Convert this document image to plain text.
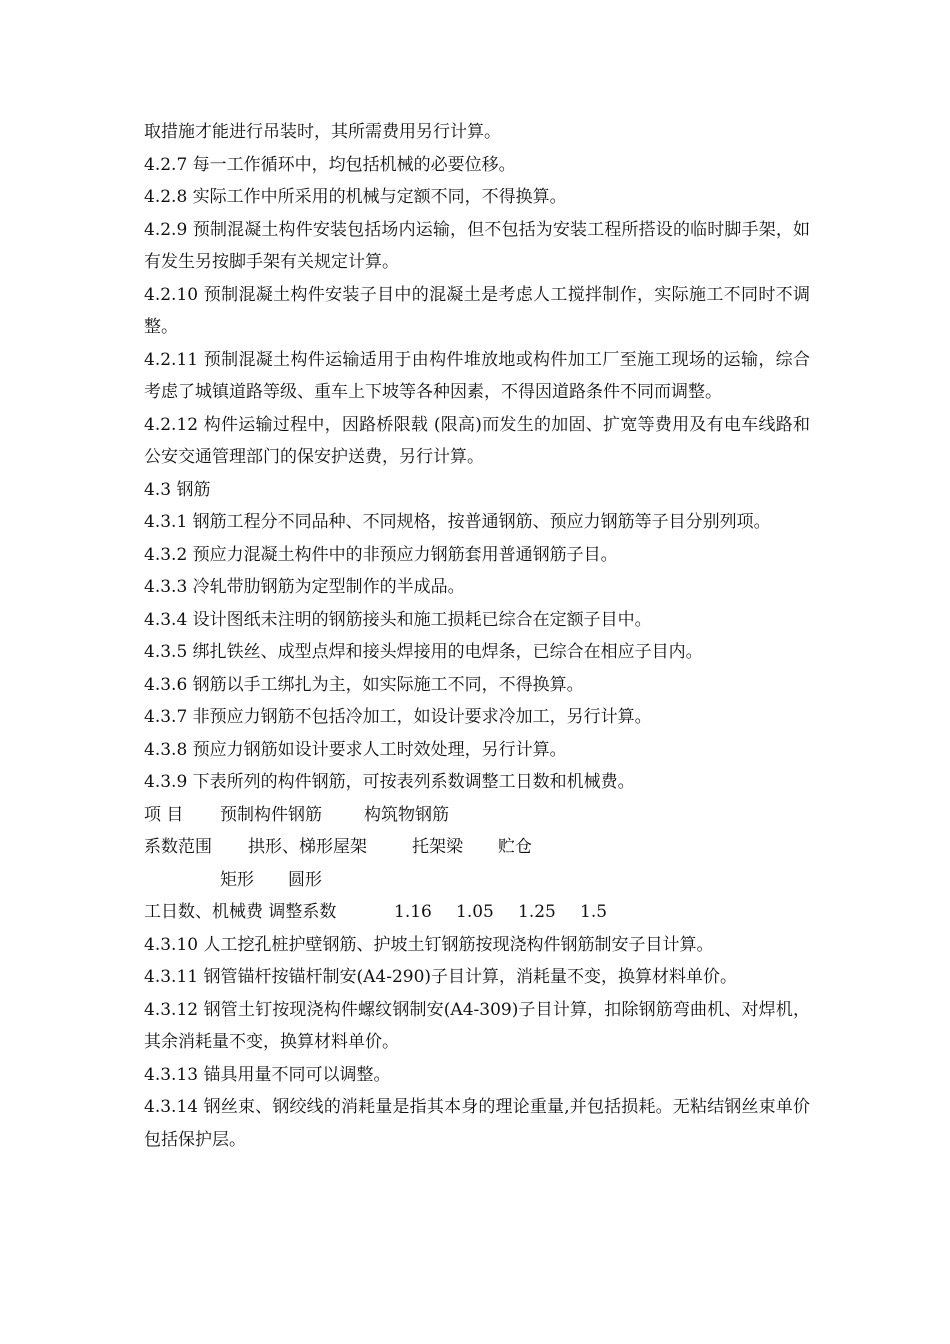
取措施才能进行吊装时，其所需费用另行计算。

4.2.7 每一工作循环中，均包括机械的必要位移。

4.2.8 实际工作中所采用的机械与定额不同，不得换算。

4.2.9 预制混凝土构件安装包括场内运输，但不包括为安装工程所搭设的临时脚手架，如有发生另按脚手架有关规定计算。

4.2.10 预制混凝土构件安装子目中的混凝土是考虑人工搅拌制作，实际施工不同时不调整。

4.2.11 预制混凝土构件运输适用于由构件堆放地或构件加工厂至施工现场的运输，综合考虑了城镇道路等级、重车上下坡等各种因素，不得因道路条件不同而调整。

4.2.12 构件运输过程中，因路桥限载 (限高)而发生的加固、扩宽等费用及有电车线路和公安交通管理部门的保安护送费，另行计算。

4.3 钢筋

4.3.1 钢筋工程分不同品种、不同规格，按普通钢筋、预应力钢筋等子目分别列项。

4.3.2 预应力混凝土构件中的非预应力钢筋套用普通钢筋子目。

4.3.3 冷轧带肋钢筋为定型制作的半成品。

4.3.4 设计图纸未注明的钢筋接头和施工损耗已综合在定额子目中。

4.3.5 绑扎铁丝、成型点焊和接头焊接用的电焊条，已综合在相应子目内。

4.3.6 钢筋以手工绑扎为主，如实际施工不同，不得换算。

4.3.7 非预应力钢筋不包括冷加工，如设计要求冷加工，另行计算。

4.3.8 预应力钢筋如设计要求人工时效处理，另行计算。

4.3.9 下表所列的构件钢筋，可按表列系数调整工日数和机械费。

项 目 预制构件钢筋 构筑物钢筋
系数范围 拱形、梯形屋架	托架梁 贮仓
矩形 圆形
工日数、机械费 调整系数	1.16 1.05 1.25 1.5

4.3.10 人工挖孔桩护壁钢筋、护坡土钉钢筋按现浇构件钢筋制安子目计算。

4.3.11 钢管锚杆按锚杆制安(A4-290)子目计算，消耗量不变，换算材料单价。

4.3.12 钢管土钉按现浇构件螺纹钢制安(A4-309)子目计算，扣除钢筋弯曲机、对焊机，其余消耗量不变，换算材料单价。

4.3.13 锚具用量不同可以调整。

4.3.14 钢丝束、钢绞线的消耗量是指其本身的理论重量,并包括损耗。无粘结钢丝束单价包括保护层。
